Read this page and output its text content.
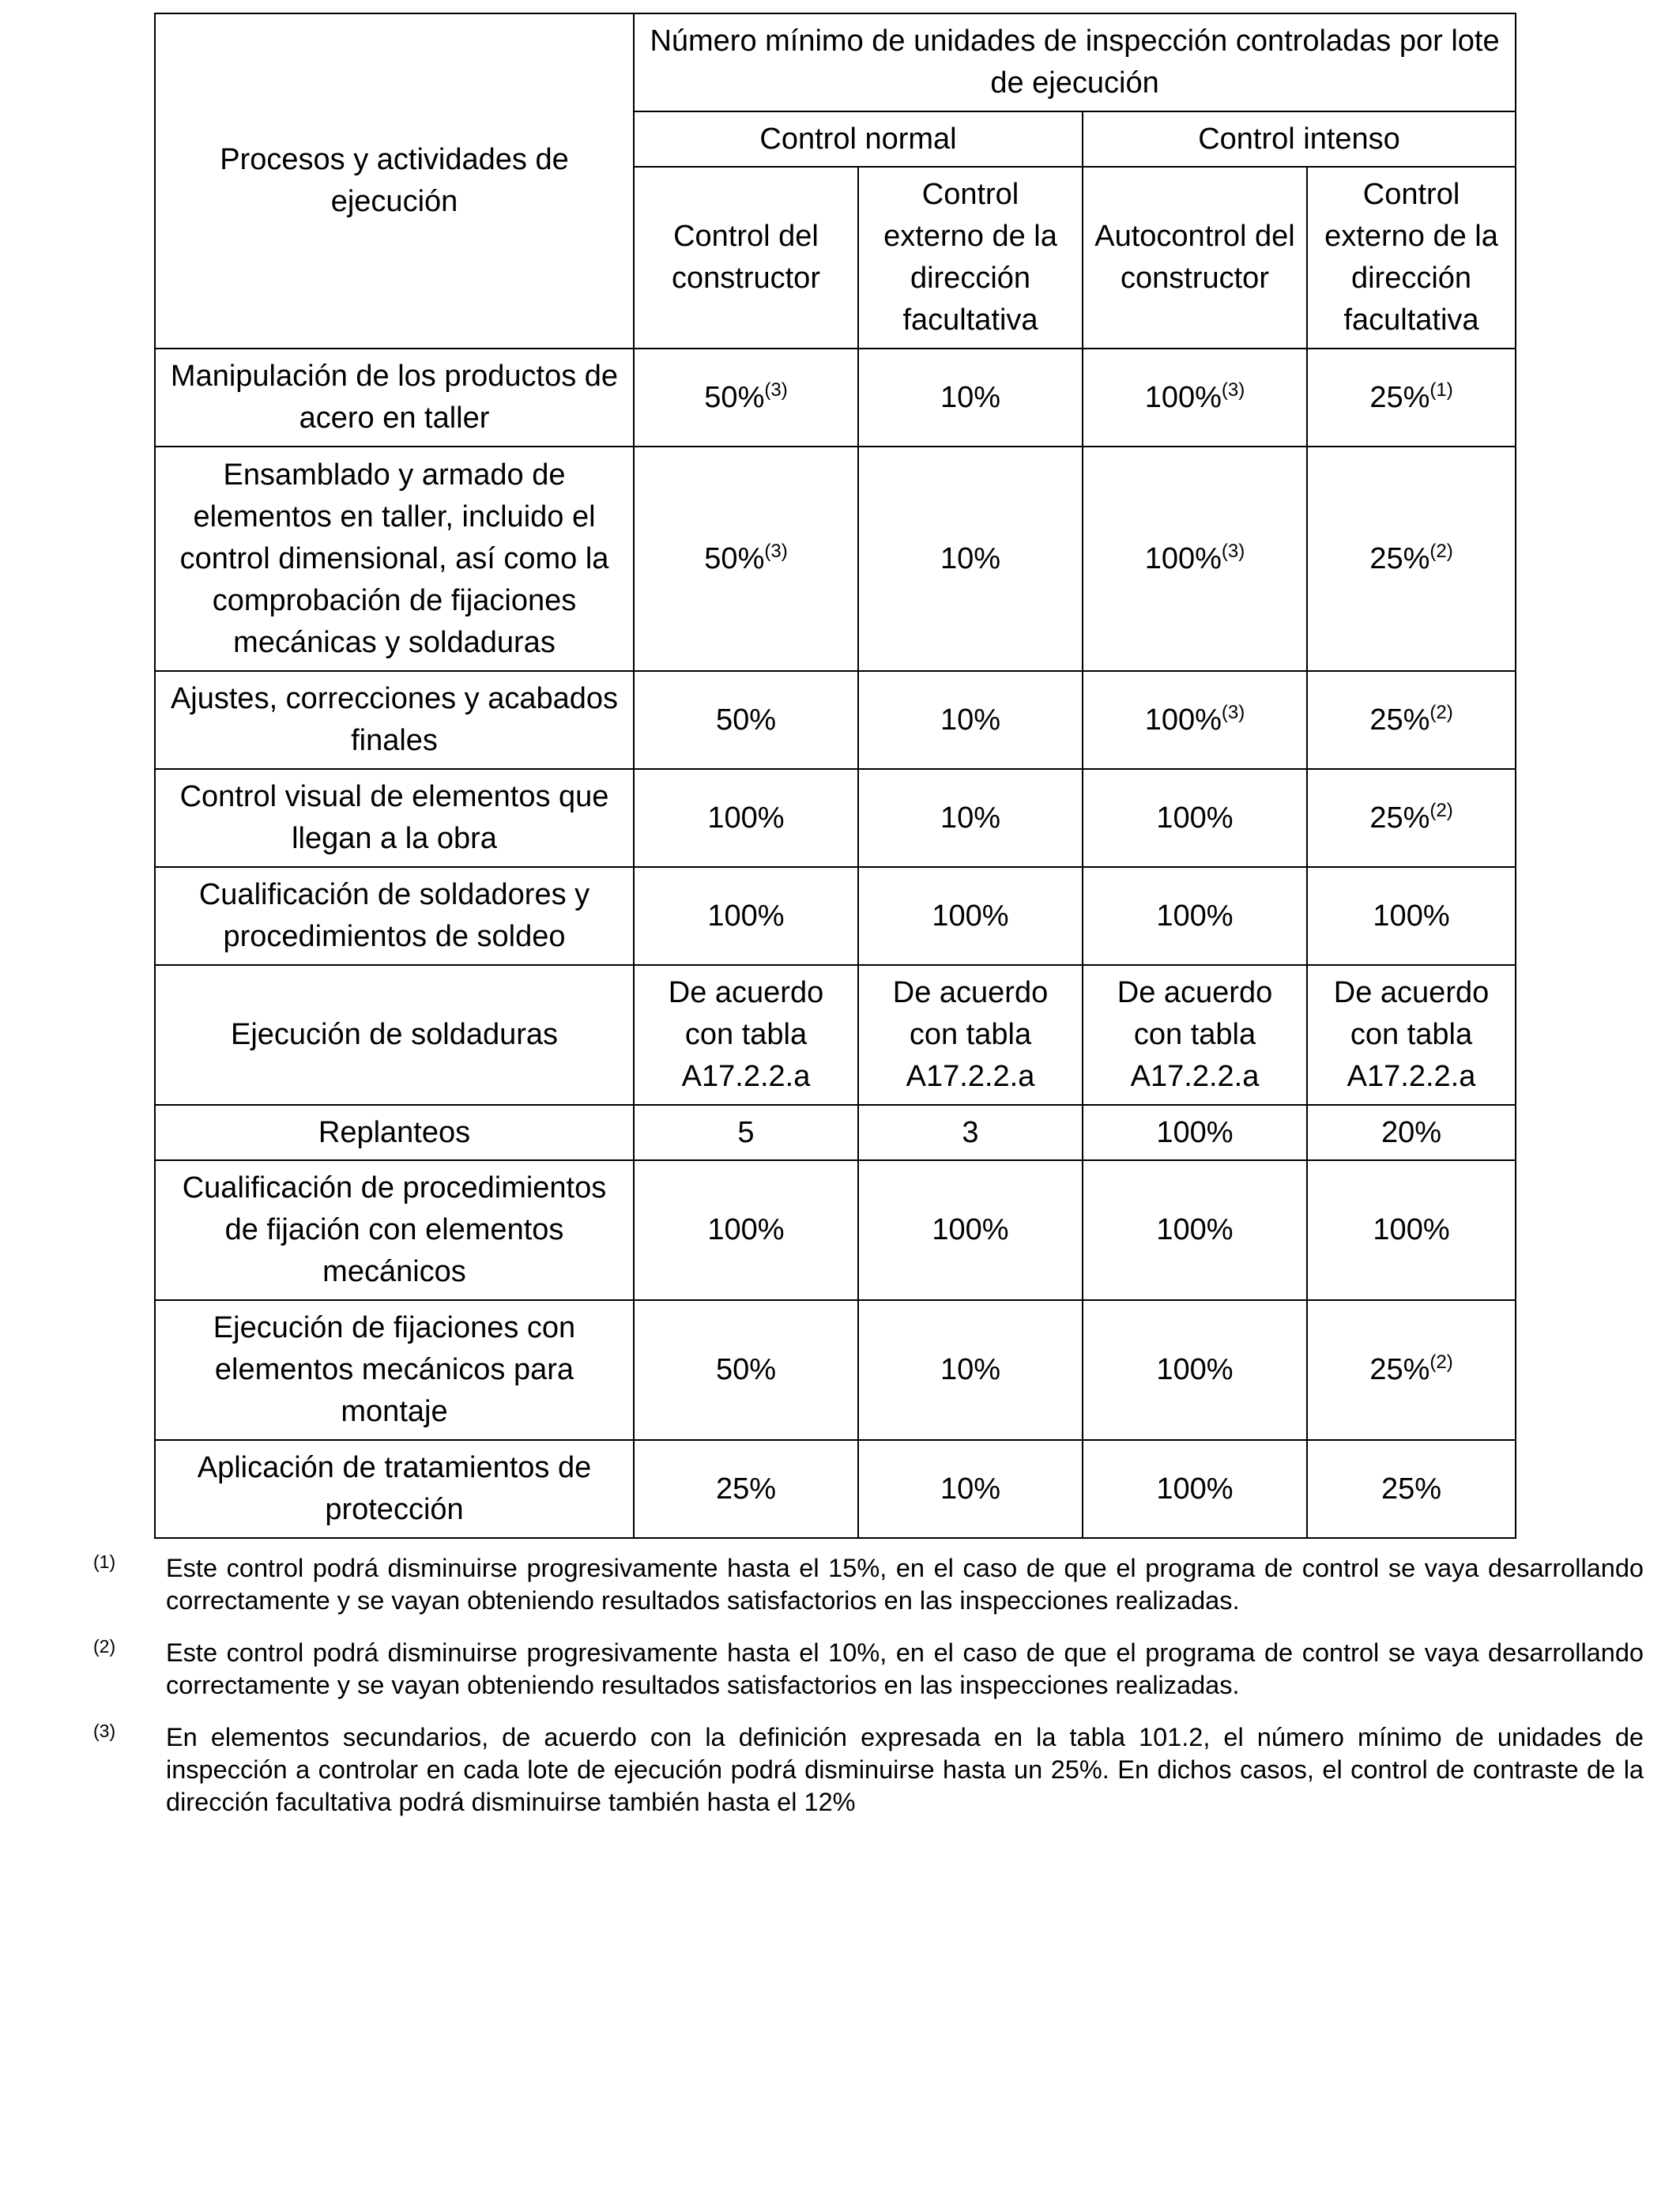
Procesos y actividades de ejecución	Número mínimo de unidades de inspección controladas por lote de ejecución			
	Control normal		Control intenso	
	Control del constructor	Control externo de la dirección facultativa	Autocontrol del constructor	Control externo de la dirección facultativa
Manipulación de los productos de acero en taller	50%$^{(3)}$	10%	100%$^{(3)}$	25%$^{(1)}$
Ensamblado y armado de elementos en taller, incluido el control dimensional, así como la comprobación de fijaciones mecánicas y soldaduras	50%$^{(3)}$	10%	100%$^{(3)}$	25%$^{(2)}$
Ajustes, correcciones y acabados finales	50%	10%	100%$^{(3)}$	25%$^{(2)}$
Control visual de elementos que llegan a la obra	100%	10%	100%	25%$^{(2)}$
Cualificación de soldadores y procedimientos de soldeo	100%	100%	100%	100%
Ejecución de soldaduras	De acuerdo con tabla A17.2.2.a	De acuerdo con tabla A17.2.2.a	De acuerdo con tabla A17.2.2.a	De acuerdo con tabla A17.2.2.a
Replanteos	5	3	100%	20%
Cualificación de procedimientos de fijación con elementos mecánicos	100%	100%	100%	100%
Ejecución de fijaciones con elementos mecánicos para montaje	50%	10%	100%	25%$^{(2)}$
Aplicación de tratamientos de protección	25%	10%	100%	25%
(1) Este control podrá disminuirse progresivamente hasta el 15%, en el caso de que el programa de control se vaya desarrollando correctamente y se vayan obteniendo resultados satisfactorios en las inspecciones realizadas.
(2) Este control podrá disminuirse progresivamente hasta el 10%, en el caso de que el programa de control se vaya desarrollando correctamente y se vayan obteniendo resultados satisfactorios en las inspecciones realizadas.
(3) En elementos secundarios, de acuerdo con la definición expresada en la tabla 101.2, el número mínimo de unidades de inspección a controlar en cada lote de ejecución podrá disminuirse hasta un 25%. En dichos casos, el control de contraste de la dirección facultativa podrá disminuirse también hasta el 12%
